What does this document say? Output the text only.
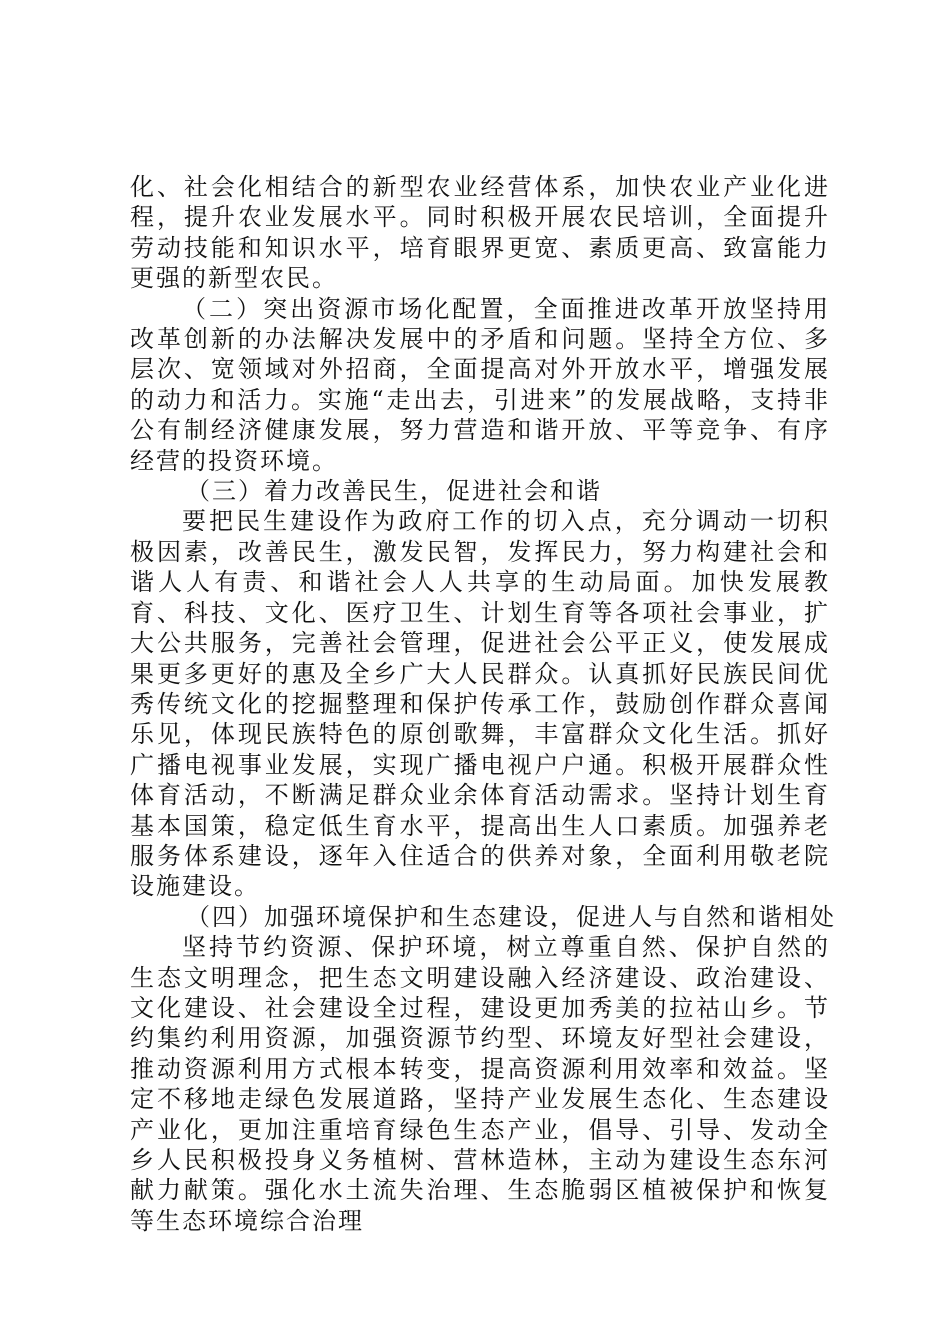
化、社会化相结合的新型农业经营体系，加快农业产业化进程，提升农业发展水平。同时积极开展农民培训，全面提升劳动技能和知识水平，培育眼界更宽、素质更高、致富能力更强的新型农民。

（二）突出资源市场化配置，全面推进改革开放坚持用改革创新的办法解决发展中的矛盾和问题。坚持全方位、多层次、宽领域对外招商，全面提高对外开放水平，增强发展的动力和活力。实施“走出去，引进来”的发展战略，支持非公有制经济健康发展，努力营造和谐开放、平等竞争、有序经营的投资环境。

（三）着力改善民生，促进社会和谐

要把民生建设作为政府工作的切入点，充分调动一切积极因素，改善民生，激发民智，发挥民力，努力构建社会和谐人人有责、和谐社会人人共享的生动局面。加快发展教育、科技、文化、医疗卫生、计划生育等各项社会事业，扩大公共服务，完善社会管理，促进社会公平正义，使发展成果更多更好的惠及全乡广大人民群众。认真抓好民族民间优秀传统文化的挖掘整理和保护传承工作，鼓励创作群众喜闻乐见，体现民族特色的原创歌舞，丰富群众文化生活。抓好广播电视事业发展，实现广播电视户户通。积极开展群众性体育活动，不断满足群众业余体育活动需求。坚持计划生育基本国策，稳定低生育水平，提高出生人口素质。加强养老服务体系建设，逐年入住适合的供养对象，全面利用敬老院设施建设。

（四）加强环境保护和生态建设，促进人与自然和谐相处

坚持节约资源、保护环境，树立尊重自然、保护自然的生态文明理念，把生态文明建设融入经济建设、政治建设、文化建设、社会建设全过程，建设更加秀美的拉祜山乡。节约集约利用资源，加强资源节约型、环境友好型社会建设，推动资源利用方式根本转变，提高资源利用效率和效益。坚定不移地走绿色发展道路，坚持产业发展生态化、生态建设产业化，更加注重培育绿色生态产业，倡导、引导、发动全乡人民积极投身义务植树、营林造林，主动为建设生态东河献力献策。强化水土流失治理、生态脆弱区植被保护和恢复等生态环境综合治理
